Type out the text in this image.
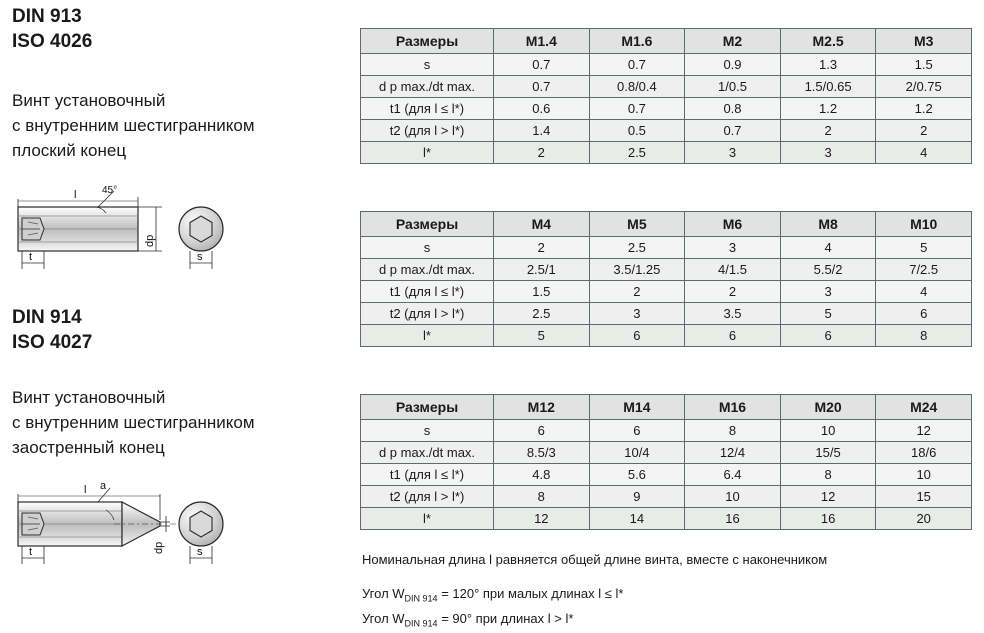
DIN 913
ISO 4026
Винт установочный
с внутренним шестигранником
плоский конец
t
45°
dp
l
s
DIN 914
ISO 4027
Винт установочный
с внутренним шестигранником
заостренный конец
t
a
dp
l
s
Размеры	M1.4	M1.6	M2	M2.5	M3
s	0.7	0.7	0.9	1.3	1.5
d p max./dt max.	0.7	0.8/0.4	1/0.5	1.5/0.65	2/0.75
t1 (для l ≤ l*)	0.6	0.7	0.8	1.2	1.2
t2 (для l > l*)	1.4	0.5	0.7	2	2
l*	2	2.5	3	3	4
Размеры	M4	M5	M6	M8	M10
s	2	2.5	3	4	5
d p max./dt max.	2.5/1	3.5/1.25	4/1.5	5.5/2	7/2.5
t1 (для l ≤ l*)	1.5	2	2	3	4
t2 (для l > l*)	2.5	3	3.5	5	6
l*	5	6	6	6	8
Размеры	M12	M14	M16	M20	M24
s	6	6	8	10	12
d p max./dt max.	8.5/3	10/4	12/4	15/5	18/6
t1 (для l ≤ l*)	4.8	5.6	6.4	8	10
t2 (для l > l*)	8	9	10	12	15
l*	12	14	16	16	20
Номинальная длина l равняется общей длине винта, вместе с наконечником
Угол $W_{DIN 914} = 120^\circ$ при малых длинах l ≤ l*
Угол $W_{DIN 914} = 90^\circ$ при длинах l > l*
